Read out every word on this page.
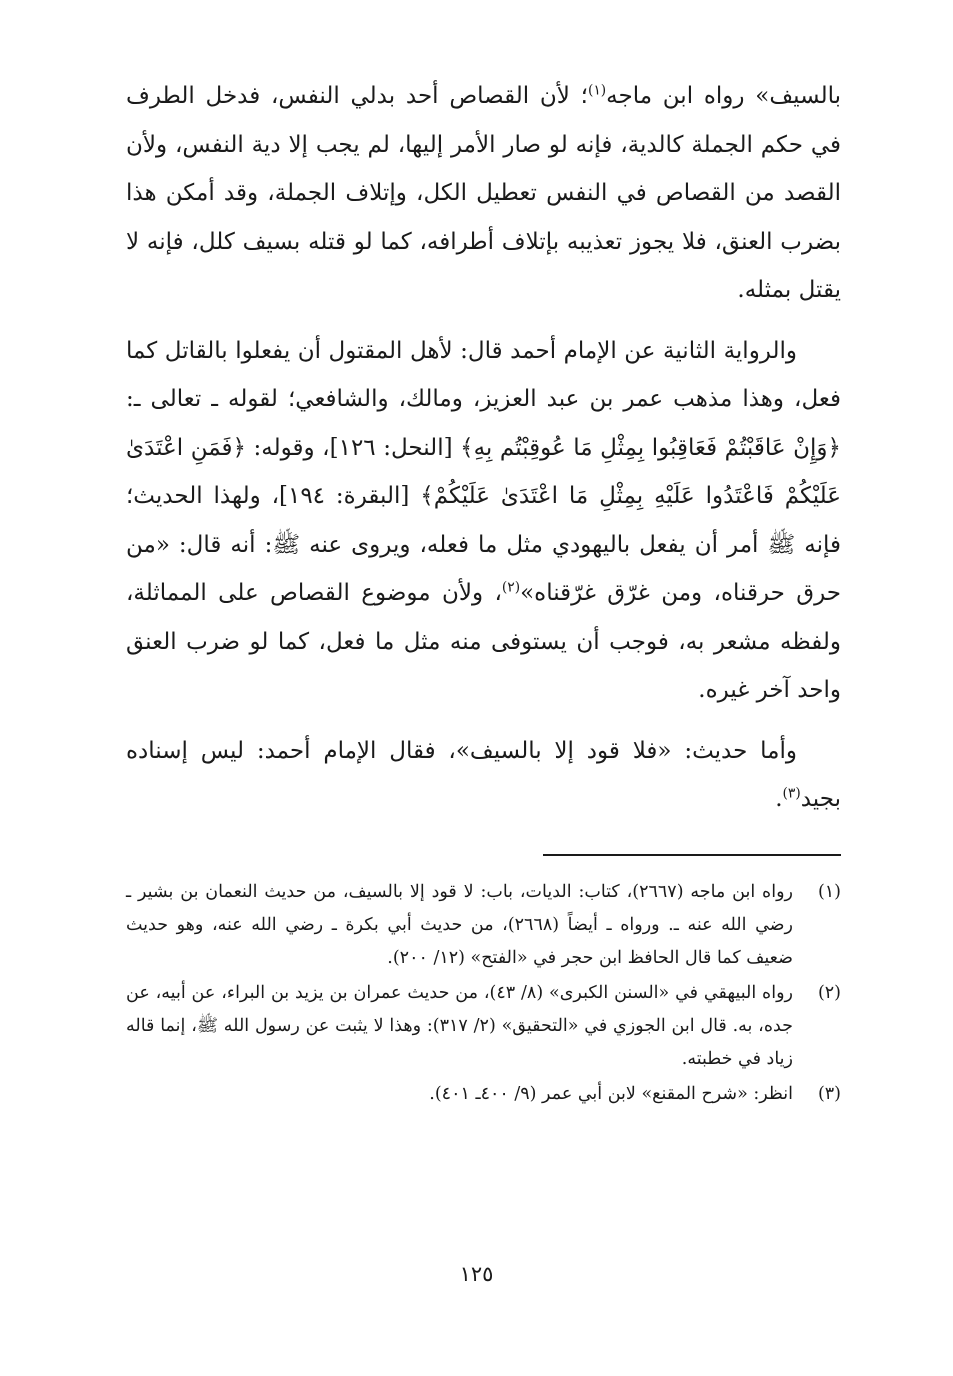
بالسيف» رواه ابن ماجه$^{(١)}$؛ لأن القصاص أحد بدلي النفس، فدخل الطرف في حكم الجملة كالدية، فإنه لو صار الأمر إليها، لم يجب إلا دية النفس، ولأن القصد من القصاص في النفس تعطيل الكل، وإتلاف الجملة، وقد أمكن هذا بضرب العنق، فلا يجوز تعذيبه بإتلاف أطرافه، كما لو قتله بسيف كلل، فإنه لا يقتل بمثله.

والرواية الثانية عن الإمام أحمد قال: لأهل المقتول أن يفعلوا بالقاتل كما فعل، وهذا مذهب عمر بن عبد العزيز، ومالك، والشافعي؛ لقوله ـ تعالى ـ: ﴿وَإِنْ عَاقَبْتُمْ فَعَاقِبُوا بِمِثْلِ مَا عُوقِبْتُم بِهِ﴾ [النحل: ١٢٦]، وقوله: ﴿فَمَنِ اعْتَدَىٰ عَلَيْكُمْ فَاعْتَدُوا عَلَيْهِ بِمِثْلِ مَا اعْتَدَىٰ عَلَيْكُمْ﴾ [البقرة: ١٩٤]، ولهذا الحديث؛ فإنه ﷺ أمر أن يفعل باليهودي مثل ما فعله، ويروى عنه ﷺ: أنه قال: «من حرق حرقناه، ومن غرّق غرّقناه»$^{(٢)}$، ولأن موضوع القصاص على المماثلة، ولفظه مشعر به، فوجب أن يستوفى منه مثل ما فعل، كما لو ضرب العنق واحد آخر غيره.

وأما حديث: «فلا قود إلا بالسيف»، فقال الإمام أحمد: ليس إسناده بجيد$^{(٣)}$.

(١)
رواه ابن ماجه (٢٦٦٧)، كتاب: الديات، باب: لا قود إلا بالسيف، من حديث النعمان بن بشير ـ رضي الله عنه ـ. ورواه ـ أيضاً (٢٦٦٨)، من حديث أبي بكرة ـ رضي الله عنه، وهو حديث ضعيف كما قال الحافظ ابن حجر في «الفتح» (١٢/ ٢٠٠).
(٢)
رواه البيهقي في «السنن الكبرى» (٨/ ٤٣)، من حديث عمران بن يزيد بن البراء، عن أبيه، عن جده، به. قال ابن الجوزي في «التحقيق» (٢/ ٣١٧): وهذا لا يثبت عن رسول الله ﷺ، إنما قاله زياد في خطبته.
(٣)
انظر: «شرح المقنع» لابن أبي عمر (٩/ ٤٠٠ـ ٤٠١).
١٢٥
